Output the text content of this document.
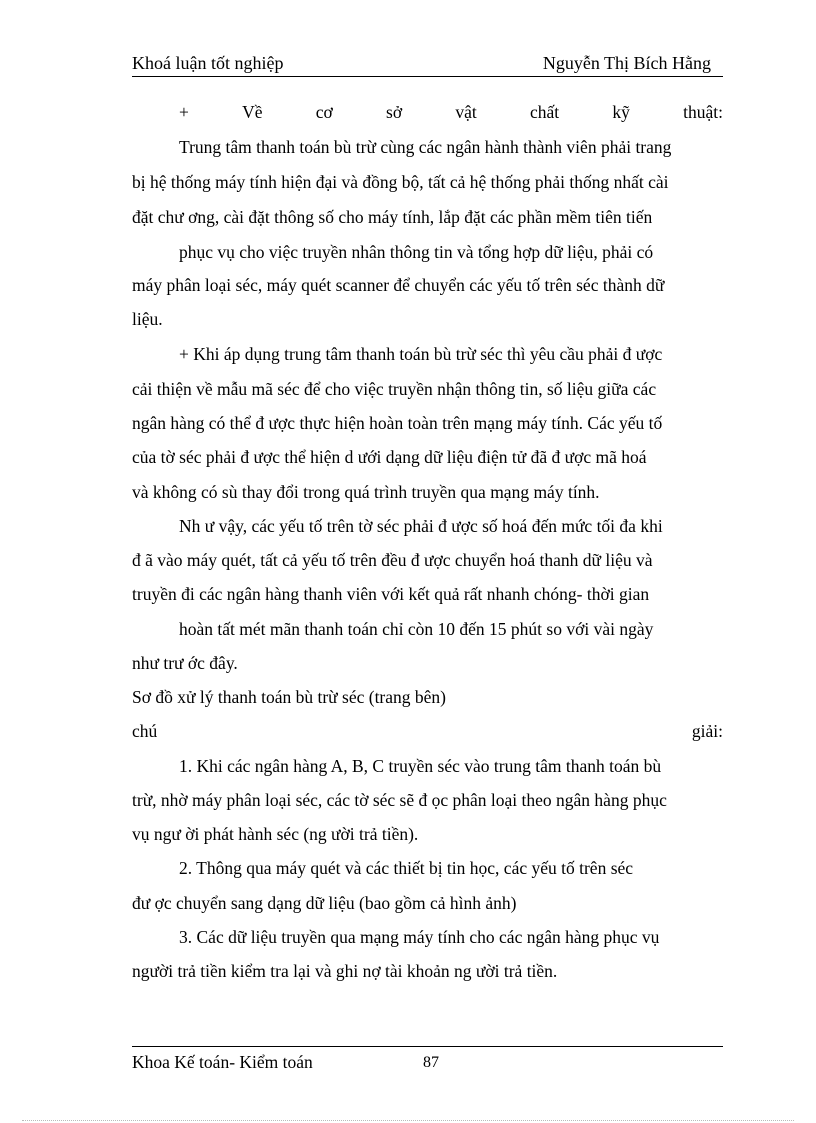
Khoá luận tốt nghiệp	Nguyễn Thị Bích Hằng
+	Về	cơ	sở	vật	chất	kỹ	thuật:
Trung tâm thanh toán bù trừ cùng các ngân hành thành viên phải trang
bị hệ thống máy tính hiện đại và đồng bộ, tất cả hệ thống phải thống nhất cài
đặt chư ơng, cài đặt thông số cho máy tính, lắp đặt các phần mềm tiên tiến
phục vụ cho việc truyền nhân thông tin và tổng hợp dữ liệu, phải có
máy phân loại séc, máy quét scanner để chuyển các yếu tố trên séc thành dữ
liệu.
+ Khi áp dụng trung tâm thanh toán bù trừ séc thì yêu cầu phải đ ược
cải thiện về mẫu mã séc để cho việc truyền nhận thông tin, số liệu giữa các
ngân hàng có thể đ ược thực hiện hoàn toàn trên mạng máy tính. Các yếu tố
của tờ séc phải đ ược thể hiện d ưới dạng dữ liệu điện tử đã đ ược mã hoá
và không có sù thay đổi trong quá trình truyền qua mạng máy tính.
Nh ư vậy, các yếu tố trên tờ séc phải đ ược số hoá đến mức tối đa khi
đ ã vào máy quét, tất cả yếu tố trên đều đ ược chuyển hoá thanh dữ liệu và
truyền đi các ngân hàng thanh viên với kết quả rất nhanh chóng- thời gian
hoàn tất mét mãn thanh toán chỉ còn 10 đến 15 phút so với vài ngày
như trư ớc đây.
Sơ đồ xử lý thanh toán bù trừ séc (trang bên)
chú	giải:
1. Khi các ngân hàng A, B, C truyền séc vào trung tâm thanh toán bù
trừ, nhờ máy phân loại séc, các tờ séc sẽ đ ọc phân loại theo ngân hàng phục
vụ ngư ời phát hành séc (ng ười trả tiền).
2. Thông qua máy quét và các thiết bị tin học, các yếu tố trên séc
đư ợc chuyển sang dạng dữ liệu (bao gồm cả hình ảnh)
3. Các dữ liệu truyền qua mạng máy tính cho các ngân hàng phục vụ
người trả tiền kiểm tra lại và ghi nợ tài khoản ng ười trả tiền.
Khoa Kế toán- Kiểm toán	87
